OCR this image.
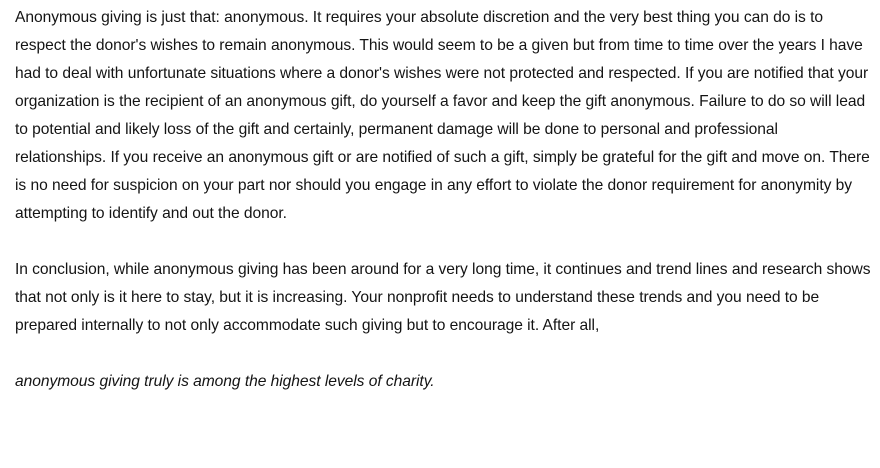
Anonymous giving is just that: anonymous. It requires your absolute discretion and the very best thing you can do is to respect the donor's wishes to remain anonymous. This would seem to be a given but from time to time over the years I have had to deal with unfortunate situations where a donor's wishes were not protected and respected. If you are notified that your organization is the recipient of an anonymous gift, do yourself a favor and keep the gift anonymous. Failure to do so will lead to potential and likely loss of the gift and certainly, permanent damage will be done to personal and professional relationships. If you receive an anonymous gift or are notified of such a gift, simply be grateful for the gift and move on. There is no need for suspicion on your part nor should you engage in any effort to violate the donor requirement for anonymity by attempting to identify and out the donor.

In conclusion, while anonymous giving has been around for a very long time, it continues and trend lines and research shows that not only is it here to stay, but it is increasing. Your nonprofit needs to understand these trends and you need to be prepared internally to not only accommodate such giving but to encourage it. After all,

anonymous giving truly is among the highest levels of charity.
